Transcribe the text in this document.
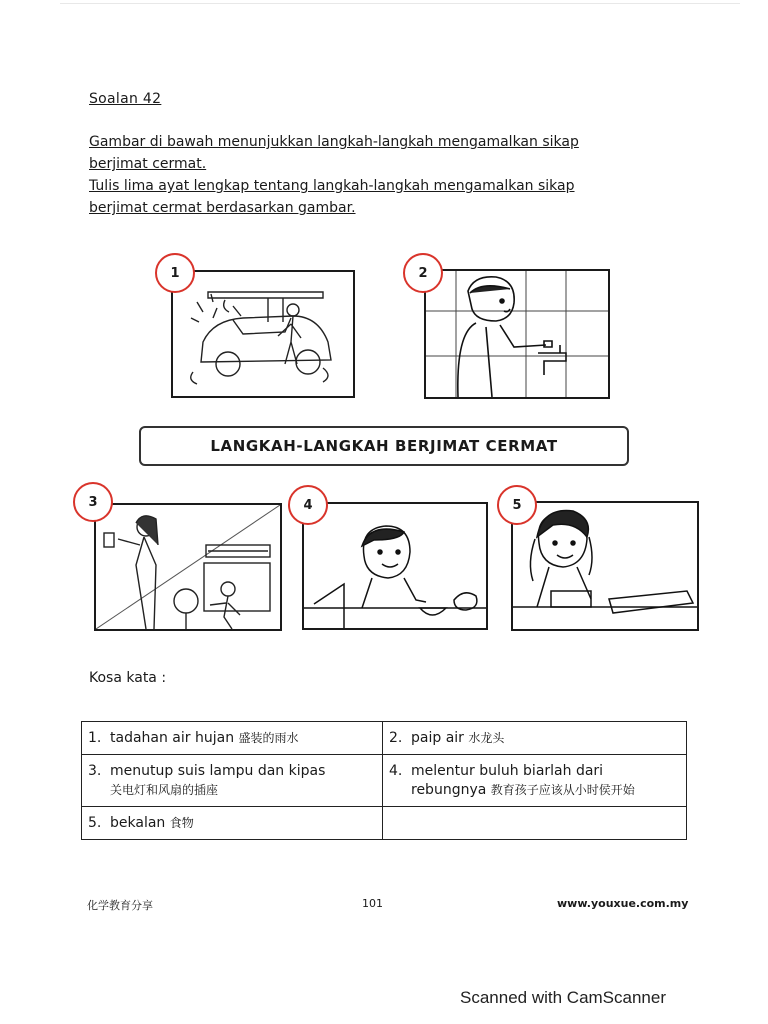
Soalan 42
Gambar di bawah menunjukkan langkah-langkah mengamalkan sikap
berjimat cermat.
Tulis lima ayat lengkap tentang langkah-langkah mengamalkan sikap
berjimat cermat berdasarkan gambar.
1	2
LANGKAH-LANGKAH BERJIMAT CERMAT
3	4	5
Kosa kata :
1. tadahan air hujan 盛装的雨水	2. paip air 水龙头
3. menutup suis lampu dan kipas
关电灯和风扇的插座	4. melentur buluh biarlah dari
rebungnya 教育孩子应该从小时侯开始

5. bekalan 食物	
化学教育分享	101	www.youxue.com.my
Scanned with CamScanner
